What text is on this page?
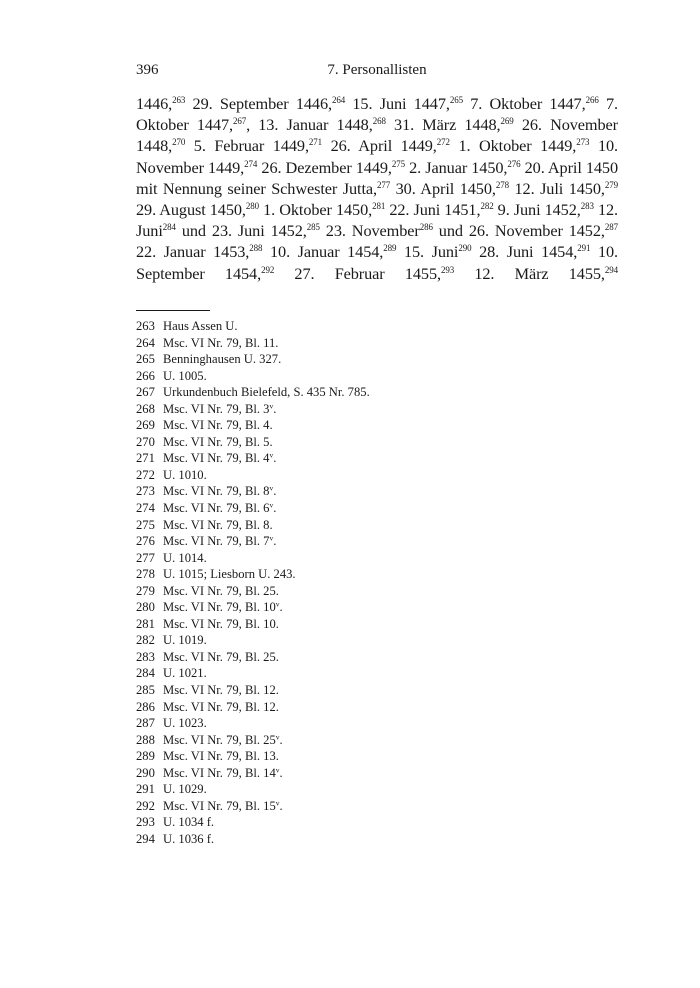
396	7. Personallisten

1446,$^{263}$ 29. September 1446,$^{264}$ 15. Juni 1447,$^{265}$ 7. Oktober 1447,$^{266}$ 7. Oktober 1447,$^{267}$, 13. Januar 1448,$^{268}$ 31. März 1448,$^{269}$ 26. November 1448,$^{270}$ 5. Februar 1449,$^{271}$ 26. April 1449,$^{272}$ 1. Oktober 1449,$^{273}$ 10. November 1449,$^{274}$ 26. Dezember 1449,$^{275}$ 2. Januar 1450,$^{276}$ 20. April 1450 mit Nennung seiner Schwester Jutta,$^{277}$ 30. April 1450,$^{278}$ 12. Juli 1450,$^{279}$ 29. August 1450,$^{280}$ 1. Oktober 1450,$^{281}$ 22. Juni 1451,$^{282}$ 9. Juni 1452,$^{283}$ 12. Juni$^{284}$ und 23. Juni 1452,$^{285}$ 23. November$^{286}$ und 26. November 1452,$^{287}$ 22. Januar 1453,$^{288}$ 10. Januar 1454,$^{289}$ 15. Juni$^{290}$ 28. Juni 1454,$^{291}$ 10. September 1454,$^{292}$ 27. Februar 1455,$^{293}$ 12. März 1455,$^{294}$

263 Haus Assen U.
264 Msc. VI Nr. 79, Bl. 11.
265 Benninghausen U. 327.
266 U. 1005.
267 Urkundenbuch Bielefeld, S. 435 Nr. 785.
268 Msc. VI Nr. 79, Bl. 3$^v$.
269 Msc. VI Nr. 79, Bl. 4.
270 Msc. VI Nr. 79, Bl. 5.
271 Msc. VI Nr. 79, Bl. 4$^v$.
272 U. 1010.
273 Msc. VI Nr. 79, Bl. 8$^v$.
274 Msc. VI Nr. 79, Bl. 6$^v$.
275 Msc. VI Nr. 79, Bl. 8.
276 Msc. VI Nr. 79, Bl. 7$^v$.
277 U. 1014.
278 U. 1015; Liesborn U. 243.
279 Msc. VI Nr. 79, Bl. 25.
280 Msc. VI Nr. 79, Bl. 10$^v$.
281 Msc. VI Nr. 79, Bl. 10.
282 U. 1019.
283 Msc. VI Nr. 79, Bl. 25.
284 U. 1021.
285 Msc. VI Nr. 79, Bl. 12.
286 Msc. VI Nr. 79, Bl. 12.
287 U. 1023.
288 Msc. VI Nr. 79, Bl. 25$^v$.
289 Msc. VI Nr. 79, Bl. 13.
290 Msc. VI Nr. 79, Bl. 14$^v$.
291 U. 1029.
292 Msc. VI Nr. 79, Bl. 15$^v$.
293 U. 1034 f.
294 U. 1036 f.
